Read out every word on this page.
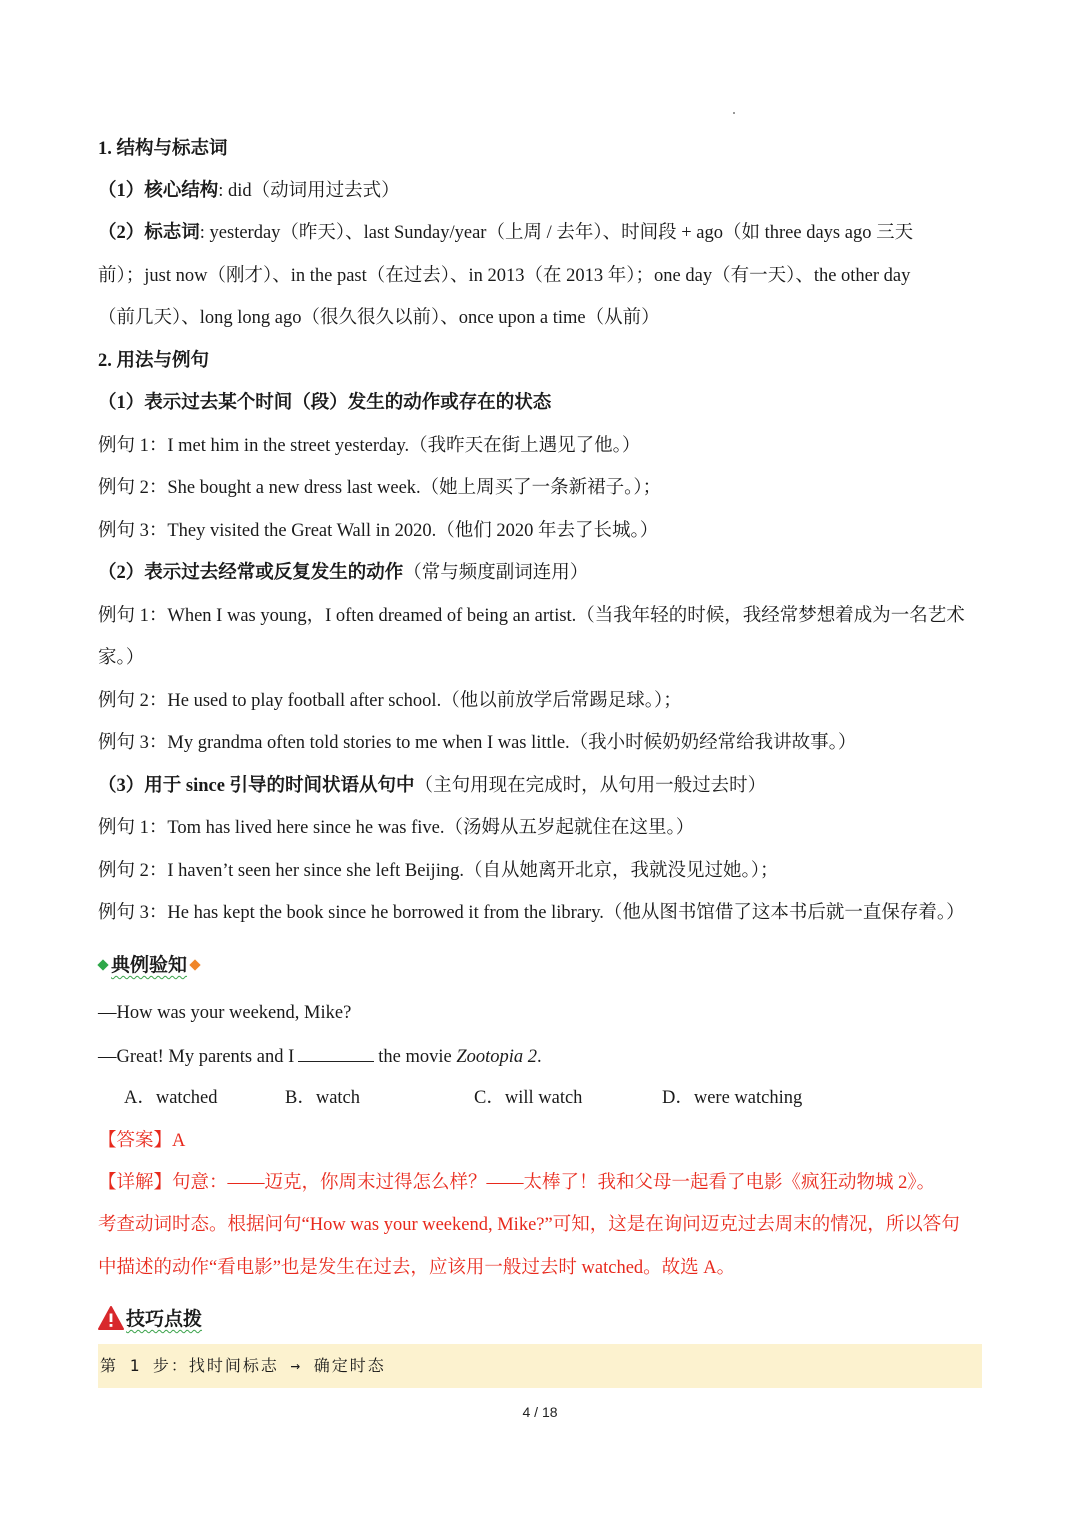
1. 结构与标志词
（1）核心结构: did（动词用过去式）
（2）标志词: yesterday（昨天）、last Sunday/year（上周 / 去年）、时间段 + ago（如 three days ago 三天
前）；just now（刚才）、in the past（在过去）、in 2013（在 2013 年）；one day（有一天）、the other day
（前几天）、long long ago（很久很久以前）、once upon a time（从前）
2. 用法与例句
（1）表示过去某个时间（段）发生的动作或存在的状态
例句 1：I met him in the street yesterday.（我昨天在街上遇见了他。）
例句 2：She bought a new dress last week.（她上周买了一条新裙子。）；
例句 3：They visited the Great Wall in 2020.（他们 2020 年去了长城。）
（2）表示过去经常或反复发生的动作（常与频度副词连用）
例句 1：When I was young，I often dreamed of being an artist.（当我年轻的时候，我经常梦想着成为一名艺术
家。）
例句 2：He used to play football after school.（他以前放学后常踢足球。）；
例句 3：My grandma often told stories to me when I was little.（我小时候奶奶经常给我讲故事。）
（3）用于 since 引导的时间状语从句中（主句用现在完成时，从句用一般过去时）
例句 1：Tom has lived here since he was five.（汤姆从五岁起就住在这里。）
例句 2：I haven’t seen her since she left Beijing.（自从她离开北京，我就没见过她。）；
例句 3：He has kept the book since he borrowed it from the library.（他从图书馆借了这本书后就一直保存着。）
典例验知
—How was your weekend, Mike?
—Great! My parents and I	the movie Zootopia 2.
A．watched	B．watch	C．will watch	D．were watching
【答案】A
【详解】句意：——迈克，你周末过得怎么样？——太棒了！我和父母一起看了电影《疯狂动物城 2》。
考查动词时态。根据问句“How was your weekend, Mike?”可知，这是在询问迈克过去周末的情况，所以答句
中描述的动作“看电影”也是发生在过去，应该用一般过去时 watched。故选 A。
技巧点拨
第 1 步：找时间标志 → 确定时态
4 / 18
